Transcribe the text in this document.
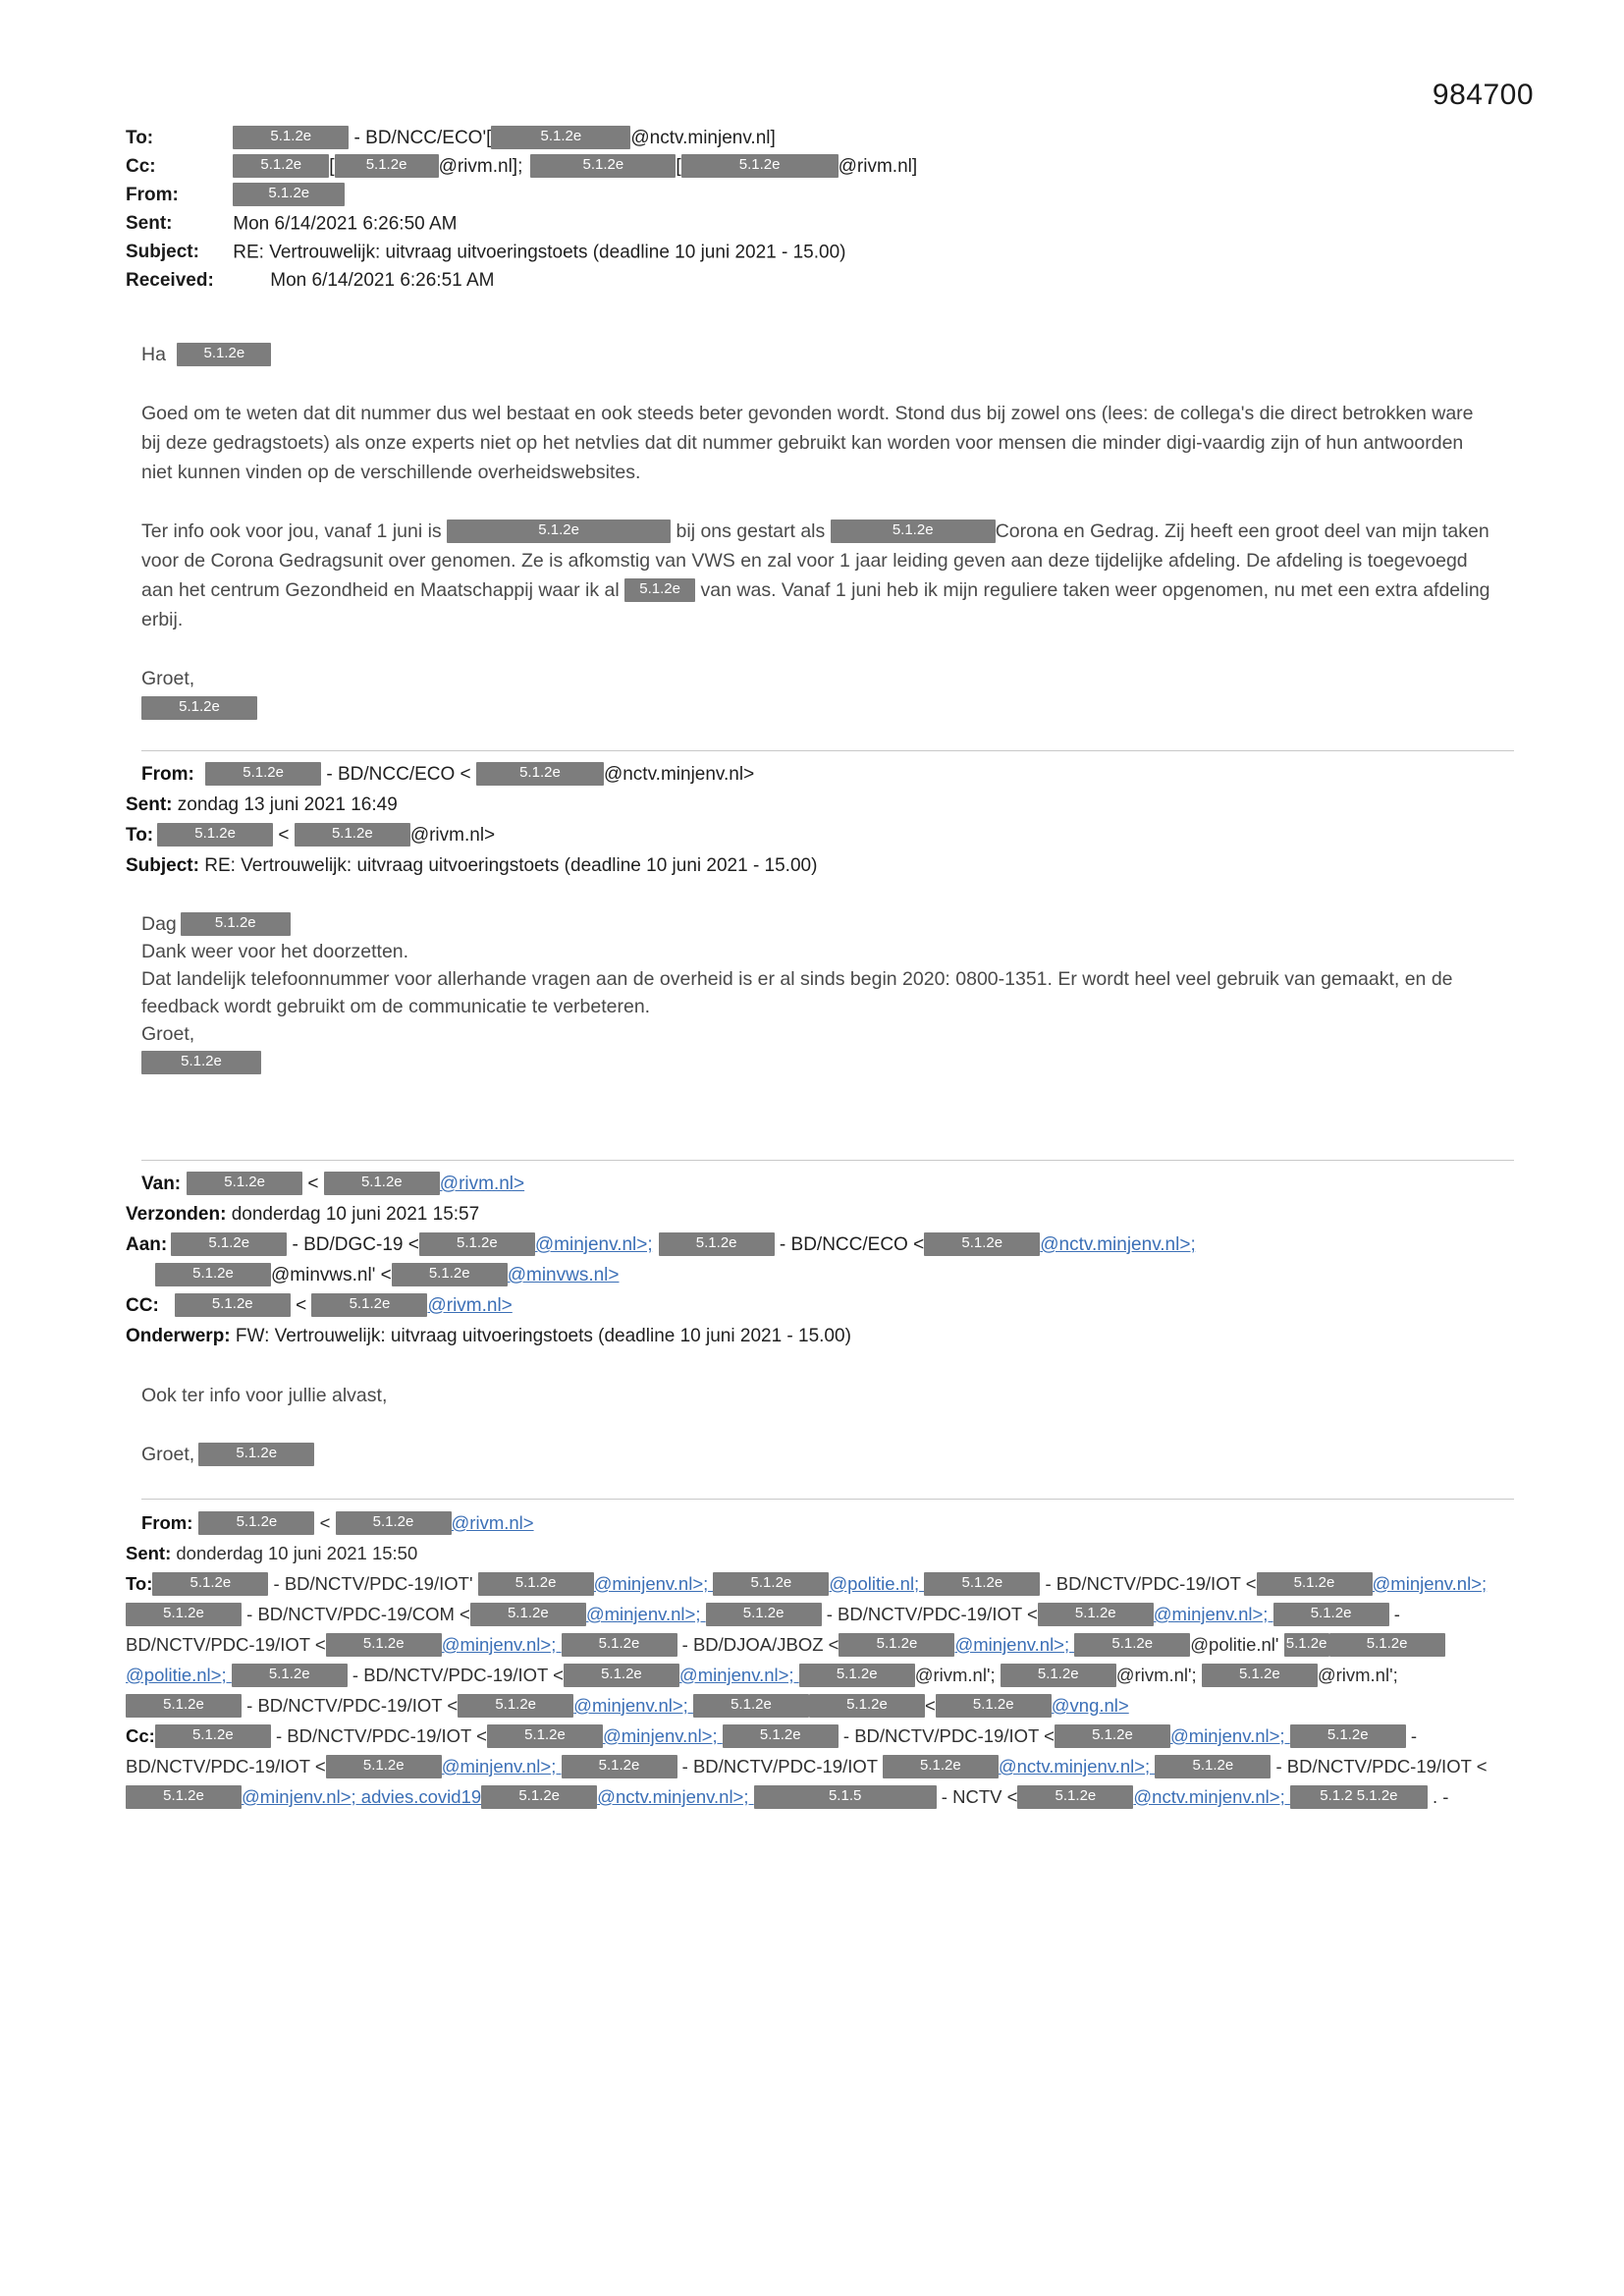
984700
To:	5.1.2e - BD/NCC/ECO'[	5.1.2e	@nctv.minjenv.nl]
Cc:	5.1.2e [ 5.1.2e @rivm.nl];	5.1.2e	[	5.1.2e	@rivm.nl]
From:	5.1.2e
Sent:	Mon 6/14/2021 6:26:50 AM
Subject: RE: Vertrouwelijk: uitvraag uitvoeringstoets (deadline 10 juni 2021 - 15.00)
Received:	Mon 6/14/2021 6:26:51 AM
Ha	5.1.2e
Goed om te weten dat dit nummer dus wel bestaat en ook steeds beter gevonden wordt. Stond dus bij zowel ons (lees: de collega's die direct betrokken ware bij deze gedragstoets) als onze experts niet op het netvlies dat dit nummer gebruikt kan worden voor mensen die minder digi-vaardig zijn of hun antwoorden niet kunnen vinden op de verschillende overheidswebsites.
Ter info ook voor jou, vanaf 1 juni is	5.1.2e	bij ons gestart als	5.1.2e	Corona en Gedrag. Zij heeft een groot deel van mijn taken voor de Corona Gedragsunit over genomen. Ze is afkomstig van VWS en zal voor 1 jaar leiding geven aan deze tijdelijke afdeling. De afdeling is toegevoegd aan het centrum Gezondheid en Maatschappij waar ik al 5.1.2e van was. Vanaf 1 juni heb ik mijn reguliere taken weer opgenomen, nu met een extra afdeling erbij.
Groet,
5.1.2e
From:	5.1.2e - BD/NCC/ECO <	5.1.2e @nctv.minjenv.nl>
Sent: zondag 13 juni 2021 16:49
To:	5.1.2e <	5.1.2e @rivm.nl>
Subject: RE: Vertrouwelijk: uitvraag uitvoeringstoets (deadline 10 juni 2021 - 15.00)
Dag	5.1.2e
Dank weer voor het doorzetten.
Dat landelijk telefoonnummer voor allerhande vragen aan de overheid is er al sinds begin 2020: 0800-1351. Er wordt heel veel gebruik van gemaakt, en de feedback wordt gebruikt om de communicatie te verbeteren.
Groet,
5.1.2e
Van:	5.1.2e <	5.1.2e @rivm.nl>
Verzonden: donderdag 10 juni 2021 15:57
Aan:	5.1.2e - BD/DGC-19 <	5.1.2e @minjenv.nl>;	5.1.2e - BD/NCC/ECO <	5.1.2e @nctv.minjenv.nl>;
5.1.2e @minvws.nl' <	5.1.2e @minvws.nl>
CC:	5.1.2e <	5.1.2e @rivm.nl>
Onderwerp: FW: Vertrouwelijk: uitvraag uitvoeringstoets (deadline 10 juni 2021 - 15.00)
Ook ter info voor jullie alvast,
Groet,	5.1.2e
From:	5.1.2e <	5.1.2e @rivm.nl>
Sent: donderdag 10 juni 2021 15:50
To:	5.1.2e - BD/NCTV/PDC-19/IOT'	5.1.2e @minjenv.nl>;	5.1.2e @politie.nl;	5.1.2e - BD/NCTV/PDC-19/IOT <	5.1.2e @minjenv.nl>; 5.1.2e - BD/NCTV/PDC-19/COM <	5.1.2e @minjenv.nl>;	5.1.2e - BD/NCTV/PDC-19/IOT <	5.1.2e @minjenv.nl>;	5.1.2e - BD/NCTV/PDC-19/IOT <	5.1.2e @minjenv.nl>;	5.1.2e - BD/DJOA/JBOZ <	5.1.2e @minjenv.nl>;	5.1.2e @politie.nl' 5.1.2e	5.1.2e@politie.nl>;	5.1.2e - BD/NCTV/PDC-19/IOT <	5.1.2e @minjenv.nl>;	5.1.2e @rivm.nl';	5.1.2e @rivm.nl';	5.1.2e @rivm.nl'; 5.1.2e - BD/NCTV/PDC-19/IOT <	5.1.2e @minjenv.nl>;	5.1.2e	5.1.2e <	5.1.2e @vng.nl>
Cc:	5.1.2e - BD/NCTV/PDC-19/IOT <	5.1.2e @minjenv.nl>;	5.1.2e - BD/NCTV/PDC-19/IOT <	5.1.2e @minjenv.nl>;	5.1.2e - BD/NCTV/PDC-19/IOT <	5.1.2e @minjenv.nl>;	5.1.2e - BD/NCTV/PDC-19/IOT	5.1.2e @nctv.minjenv.nl>;	5.1.2e - BD/NCTV/PDC-19/IOT <5.1.2e @minjenv.nl>; advies.covid19	5.1.2e @nctv.minjenv.nl>;	5.1.5	- NCTV <	5.1.2e @nctv.minjenv.nl>; 5.1.2 5.1.2e . -
